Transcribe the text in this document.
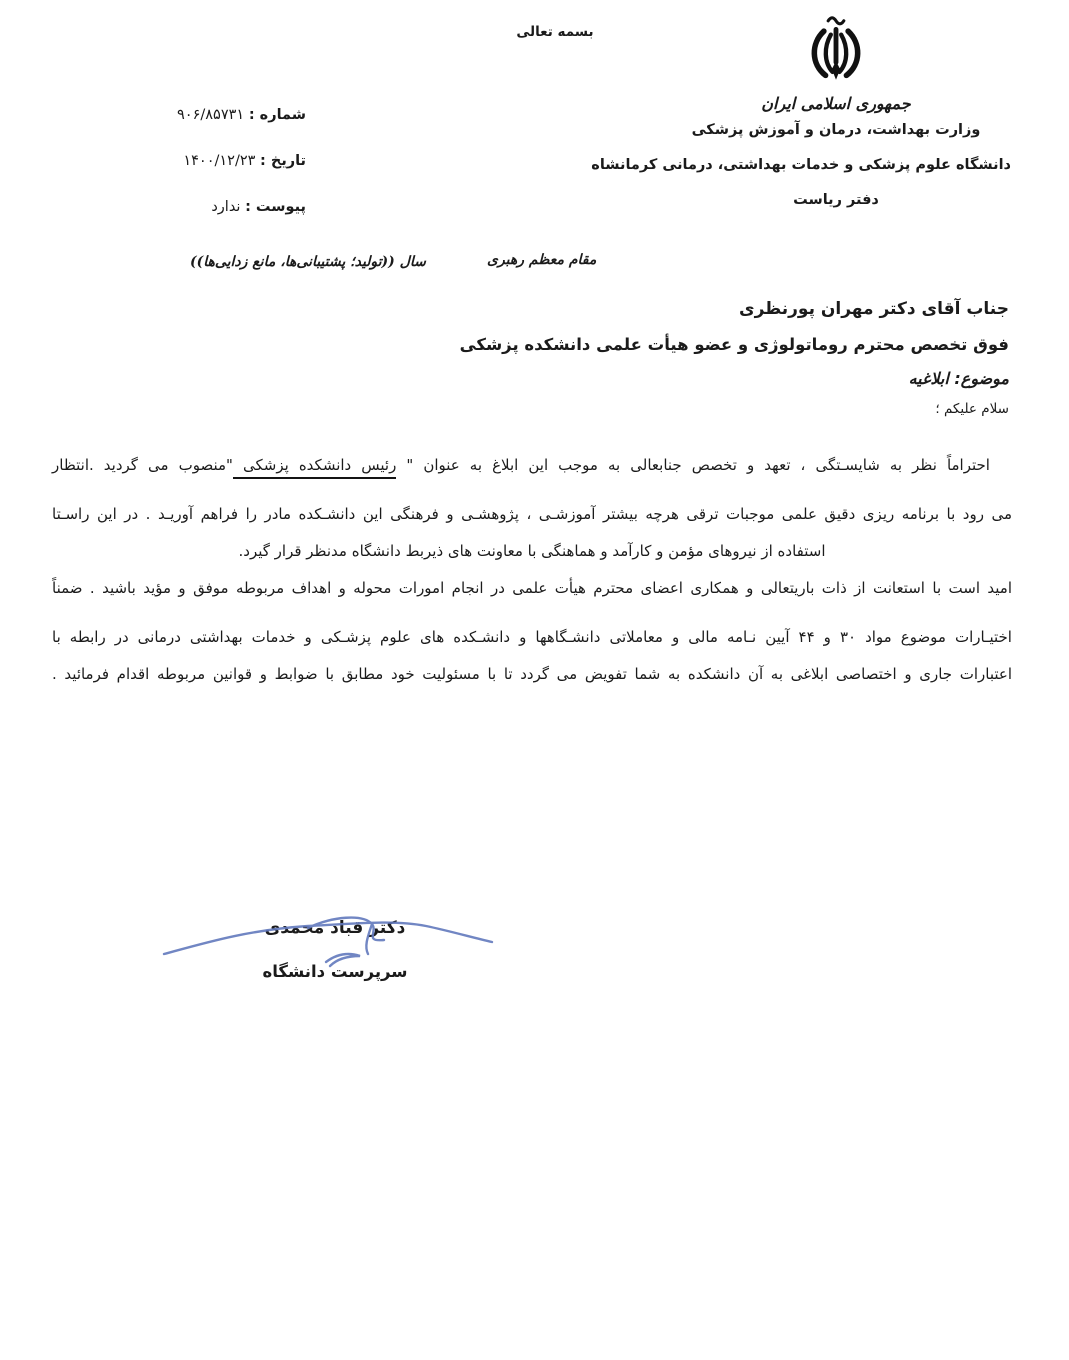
بسمه تعالی
جمهوری اسلامی ایران
وزارت بهداشت، درمان و آموزش پزشکی
دانشگاه علوم پزشکی و خدمات بهداشتی، درمانی کرمانشاه
دفتر ریاست
شماره : ۹۰۶/۸۵۷۳۱
تاریخ : ۱۴۰۰/۱۲/۲۳
پیوست : ندارد
مقام معظم رهبری
سال ((تولید؛ پشتیبانی‌ها، مانع زدایی‌ها))
جناب آقای دکتر مهران پورنظری
فوق تخصص محترم روماتولوژی و عضو هیأت علمی دانشکده پزشکی
موضوع: ابلاغیه
سلام علیکم ؛
احتراماً نظر به شایسـتگی ، تعهد و تخصص جنابعالی به موجب این ابلاغ به عنوان " رئیس دانشکده پزشکی "منصوب می گردید .انتظار
می رود با برنامه ریزی دقیق علمی موجبات ترقی هرچه بیشتر آموزشـی ، پژوهشـی و فرهنگی این دانشـکده مادر را فراهم آوریـد . در این راسـتا
استفاده از نیروهای مؤمن و کارآمد و هماهنگی با معاونت های ذیربط دانشگاه مدنظر قرار گیرد.
امید است با استعانت از ذات باریتعالی و همکاری اعضای محترم هیأت علمی در انجام امورات محوله و اهداف مربوطه موفق و مؤید باشید . ضمناً
اختیـارات موضوع مواد ۳۰ و ۴۴ آیین نـامه مالی و معاملاتی دانشـگاهها و دانشـکده های علوم پزشـکی و خدمات بهداشتی درمانی در رابطه با
اعتبارات جاری و اختصاصی ابلاغی به آن دانشکده به شما تفویض می گردد تا با مسئولیت خود مطابق با ضوابط و قوانین مربوطه اقدام فرمائید .
دکتر قباد محمدی
سرپرست دانشگاه
